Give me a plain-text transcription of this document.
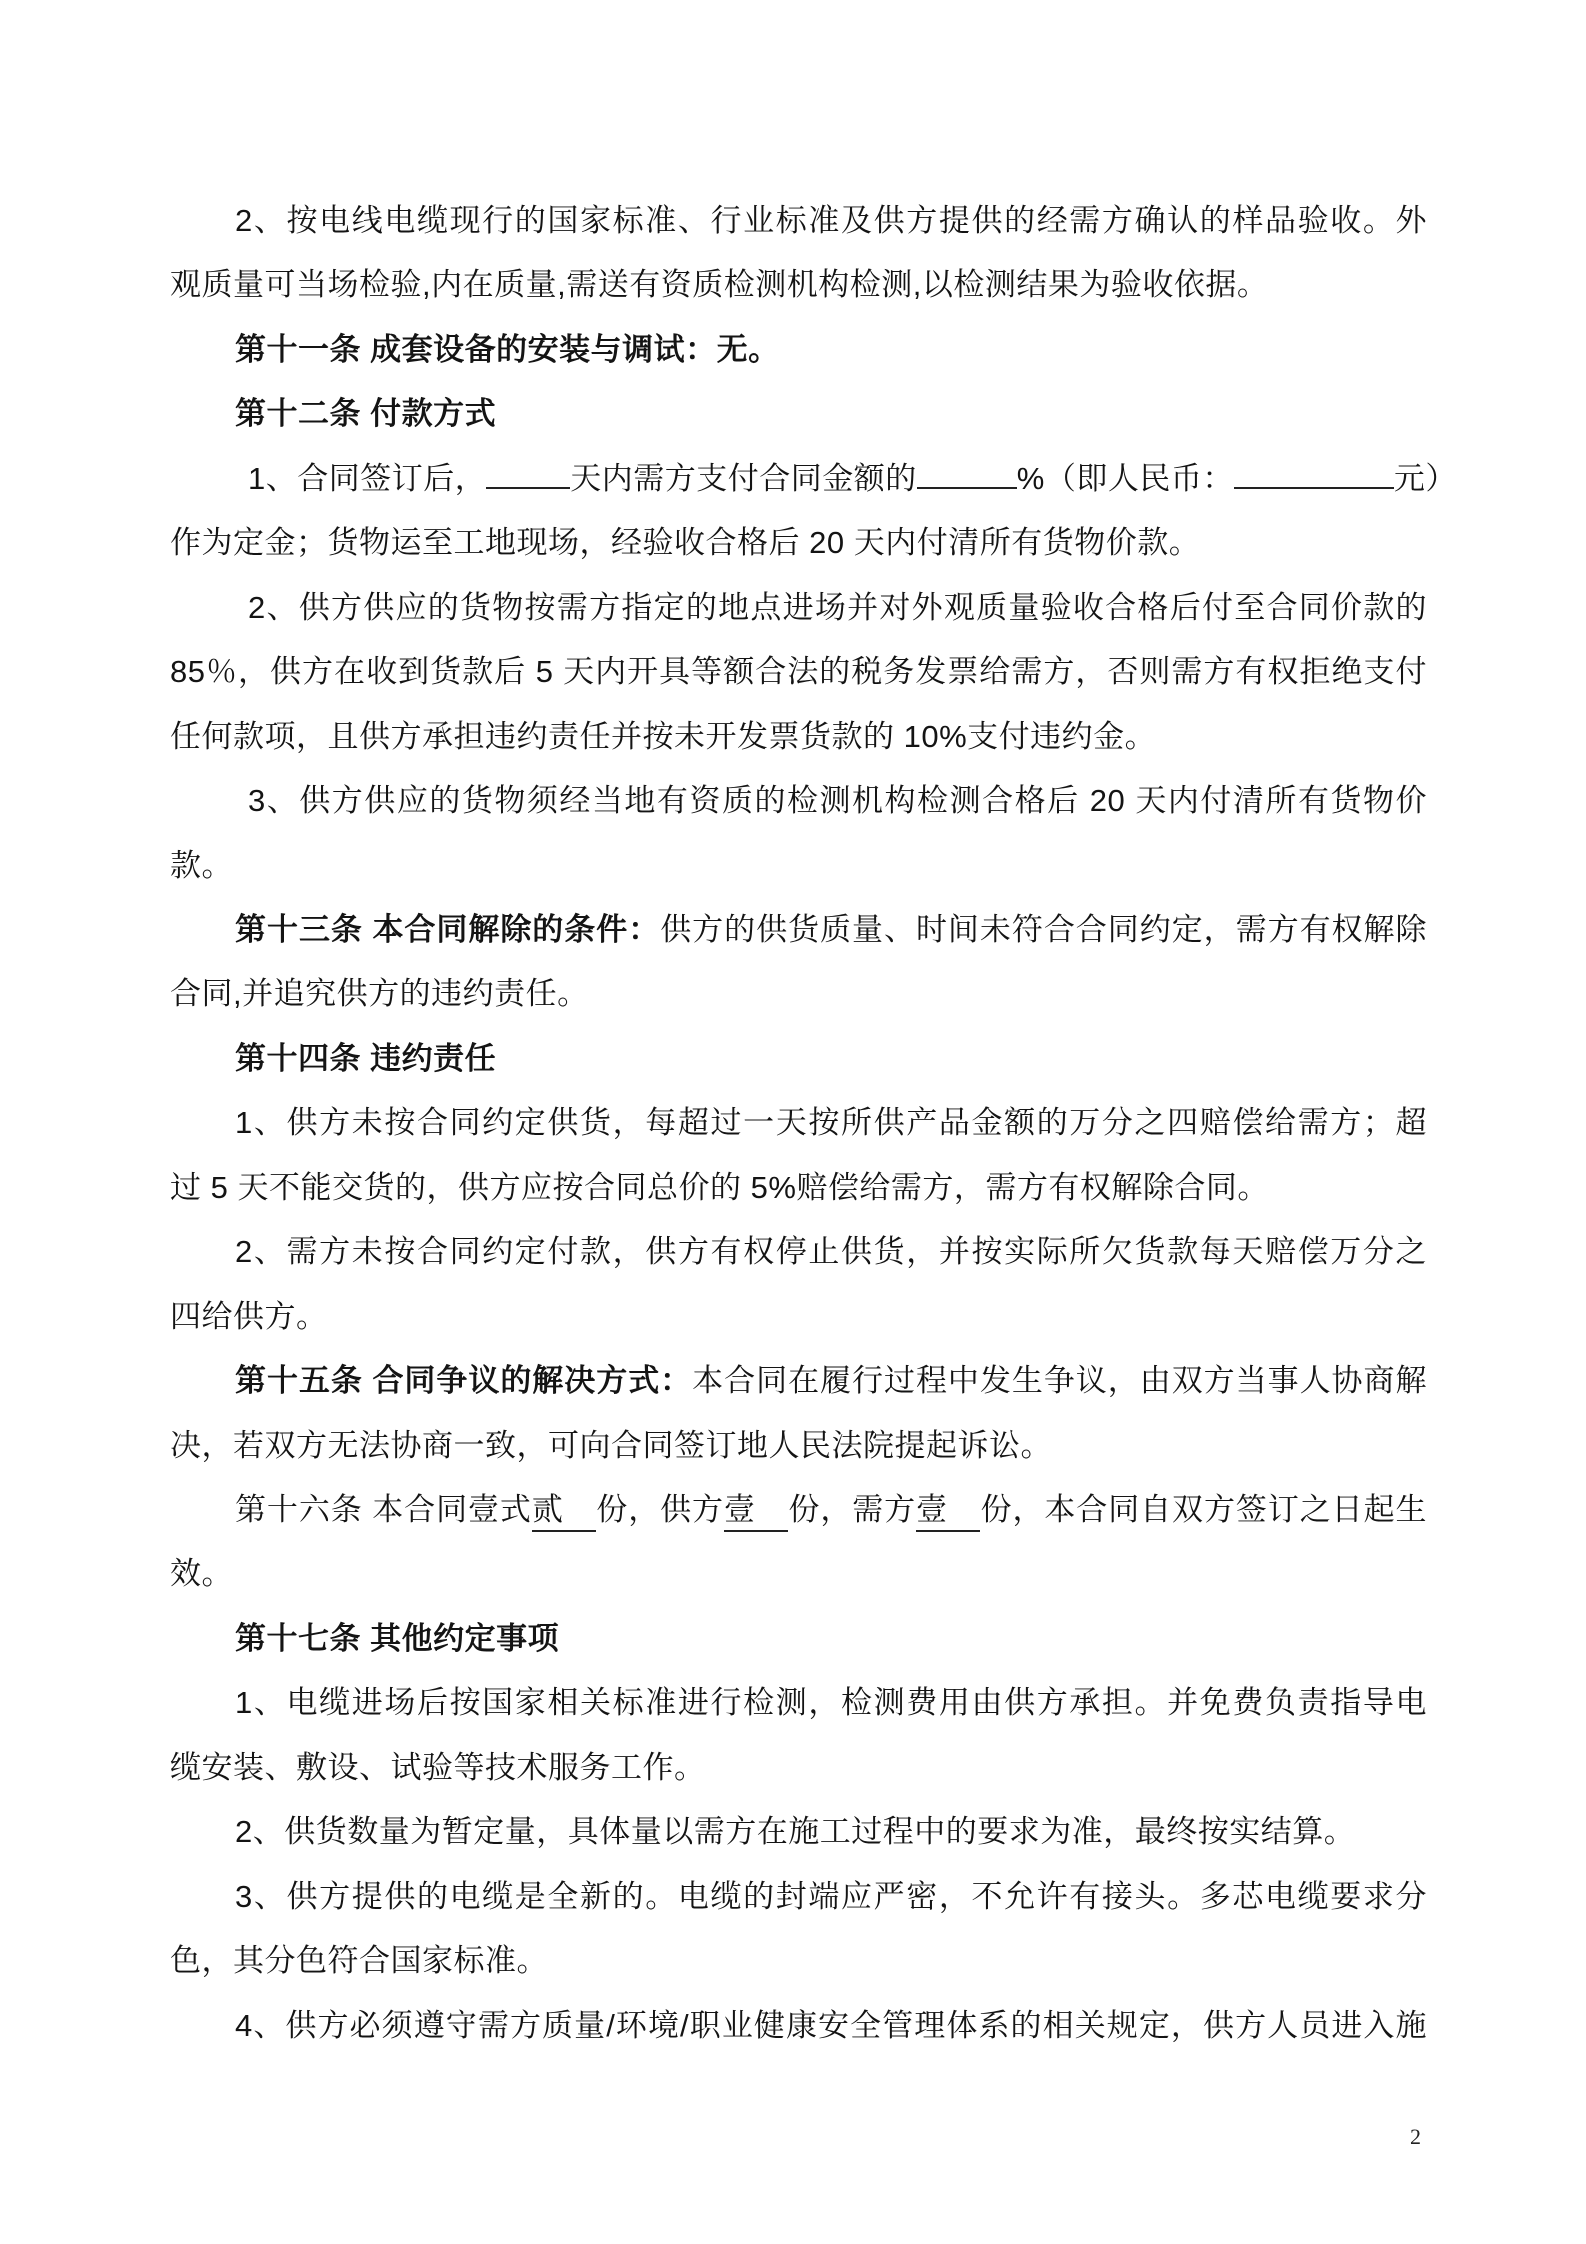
2、按电线电缆现行的国家标准、行业标准及供方提供的经需方确认的样品验收。外
观质量可当场检验,内在质量,需送有资质检测机构检测,以检测结果为验收依据。
第十一条 成套设备的安装与调试：无。
第十二条 付款方式
1、合同签订后，	天内需方支付合同金额的	%（即人民币：	元）
作为定金；货物运至工地现场，经验收合格后 20 天内付清所有货物价款。
2、供方供应的货物按需方指定的地点进场并对外观质量验收合格后付至合同价款的
85％，供方在收到货款后 5 天内开具等额合法的税务发票给需方，否则需方有权拒绝支付
任何款项，且供方承担违约责任并按未开发票货款的 10%支付违约金。
3、供方供应的货物须经当地有资质的检测机构检测合格后 20 天内付清所有货物价
款。
第十三条 本合同解除的条件：供方的供货质量、时间未符合合同约定，需方有权解除
合同,并追究供方的违约责任。
第十四条 违约责任
1、供方未按合同约定供货，每超过一天按所供产品金额的万分之四赔偿给需方；超
过 5 天不能交货的，供方应按合同总价的 5%赔偿给需方，需方有权解除合同。
2、需方未按合同约定付款，供方有权停止供货，并按实际所欠货款每天赔偿万分之
四给供方。
第十五条 合同争议的解决方式：本合同在履行过程中发生争议，由双方当事人协商解
决，若双方无法协商一致，可向合同签订地人民法院提起诉讼。
第十六条 本合同壹式贰 份，供方壹 份，需方壹 份，本合同自双方签订之日起生
效。
第十七条 其他约定事项
1、电缆进场后按国家相关标准进行检测，检测费用由供方承担。并免费负责指导电
缆安装、敷设、试验等技术服务工作。
2、供货数量为暂定量，具体量以需方在施工过程中的要求为准，最终按实结算。
3、供方提供的电缆是全新的。电缆的封端应严密，不允许有接头。多芯电缆要求分
色，其分色符合国家标准。
4、供方必须遵守需方质量/环境/职业健康安全管理体系的相关规定，供方人员进入施
2
